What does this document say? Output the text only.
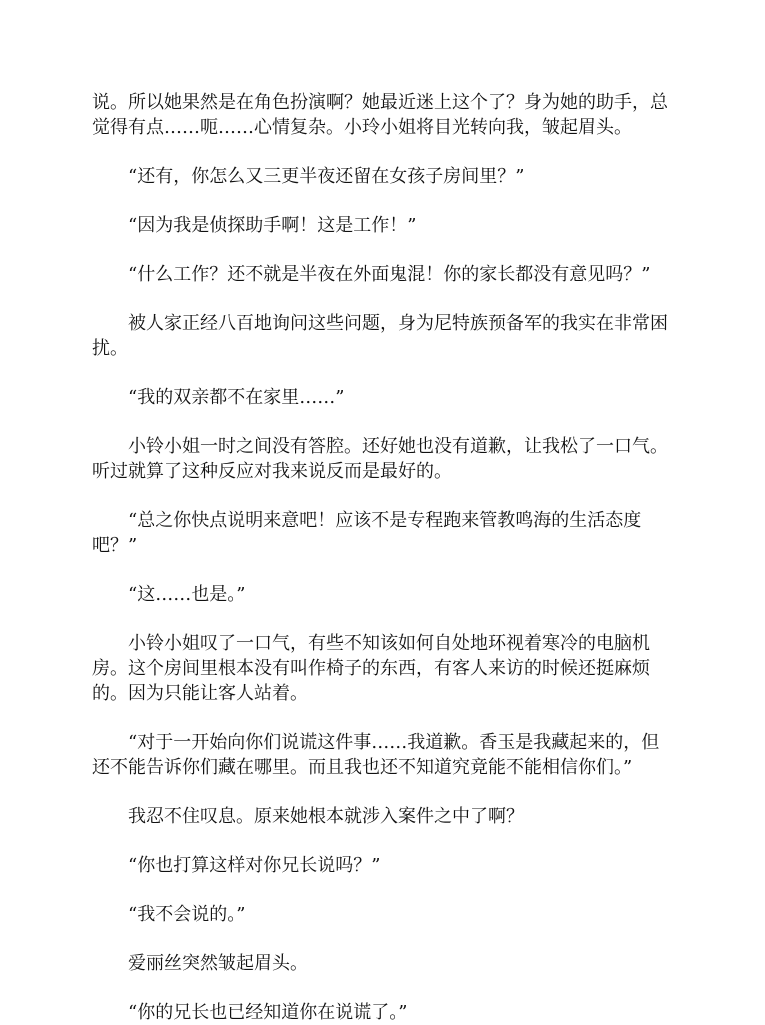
说。所以她果然是在角色扮演啊？她最近迷上这个了？身为她的助手，总觉得有点……呃……心情复杂。小玲小姐将目光转向我，皱起眉头。

“还有，你怎么又三更半夜还留在女孩子房间里？”

“因为我是侦探助手啊！这是工作！”

“什么工作？还不就是半夜在外面鬼混！你的家长都没有意见吗？”

被人家正经八百地询问这些问题，身为尼特族预备军的我实在非常困扰。

“我的双亲都不在家里……”

小铃小姐一时之间没有答腔。还好她也没有道歉，让我松了一口气。听过就算了这种反应对我来说反而是最好的。

“总之你快点说明来意吧！应该不是专程跑来管教鸣海的生活态度吧？”

“这……也是。”

小铃小姐叹了一口气，有些不知该如何自处地环视着寒冷的电脑机房。这个房间里根本没有叫作椅子的东西，有客人来访的时候还挺麻烦的。因为只能让客人站着。

“对于一开始向你们说谎这件事……我道歉。香玉是我藏起来的，但还不能告诉你们藏在哪里。而且我也还不知道究竟能不能相信你们。”

我忍不住叹息。原来她根本就涉入案件之中了啊？

“你也打算这样对你兄长说吗？”

“我不会说的。”

爱丽丝突然皱起眉头。

“你的兄长也已经知道你在说谎了。”
